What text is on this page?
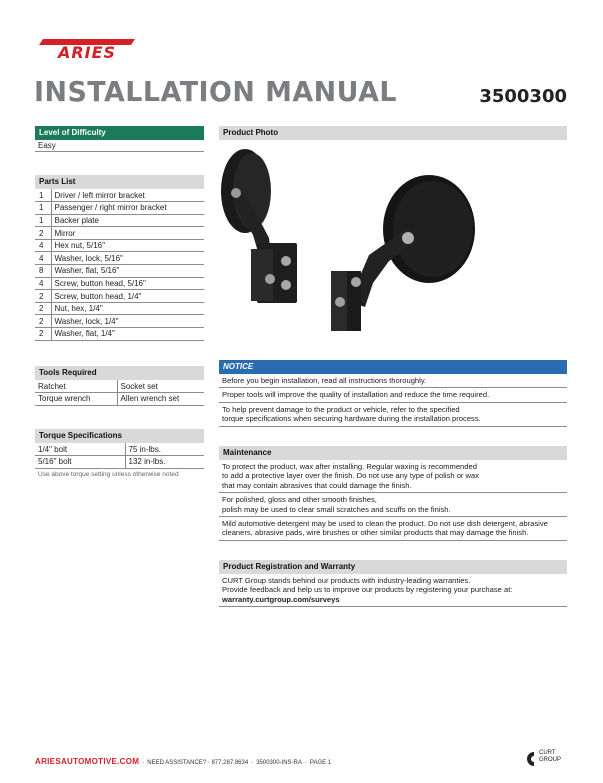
ARIES
INSTALLATION MANUAL	3500300
Level of Difficulty
Easy
Parts List
1	Driver / left mirror bracket
1	Passenger / right mirror bracket
1	Backer plate
2	Mirror
4	Hex nut, 5/16"
4	Washer, lock, 5/16"
8	Washer, flat, 5/16"
4	Screw, button head, 5/16"
2	Screw, button head, 1/4"
2	Nut, hex, 1/4"
2	Washer, lock, 1/4"
2	Washer, flat, 1/4"
Tools Required
Ratchet	Socket set
Torque wrench	Allen wrench set
Torque Specifications
1/4" bolt	75 in-lbs.
5/16" bolt	132 in-lbs.
Use above torque setting unless otherwise noted
Product Photo
NOTICE
Before you begin installation, read all instructions thoroughly.
Proper tools will improve the quality of installation and reduce the time required.
To help prevent damage to the product or vehicle, refer to the specified
torque specifications when securing hardware during the installation process.
Maintenance
To protect the product, wax after installing. Regular waxing is recommended
to add a protective layer over the finish. Do not use any type of polish or wax
that may contain abrasives that could damage the finish.
For polished, gloss and other smooth finishes,
polish may be used to clear small scratches and scuffs on the finish.
Mild automotive detergent may be used to clean the product. Do not use dish detergent, abrasive
cleaners, abrasive pads, wire brushes or other similar products that may damage the finish.
Product Registration and Warranty
CURT Group stands behind our products with industry-leading warranties.
Provide feedback and help us to improve our products by registering your purchase at:
warranty.curtgroup.com/surveys
ARIESAUTOMOTIVE.COM · NEED ASSISTANCE? · 877.287.8634 · 3500300-INS-RA · PAGE 1
CURT
GROUP
